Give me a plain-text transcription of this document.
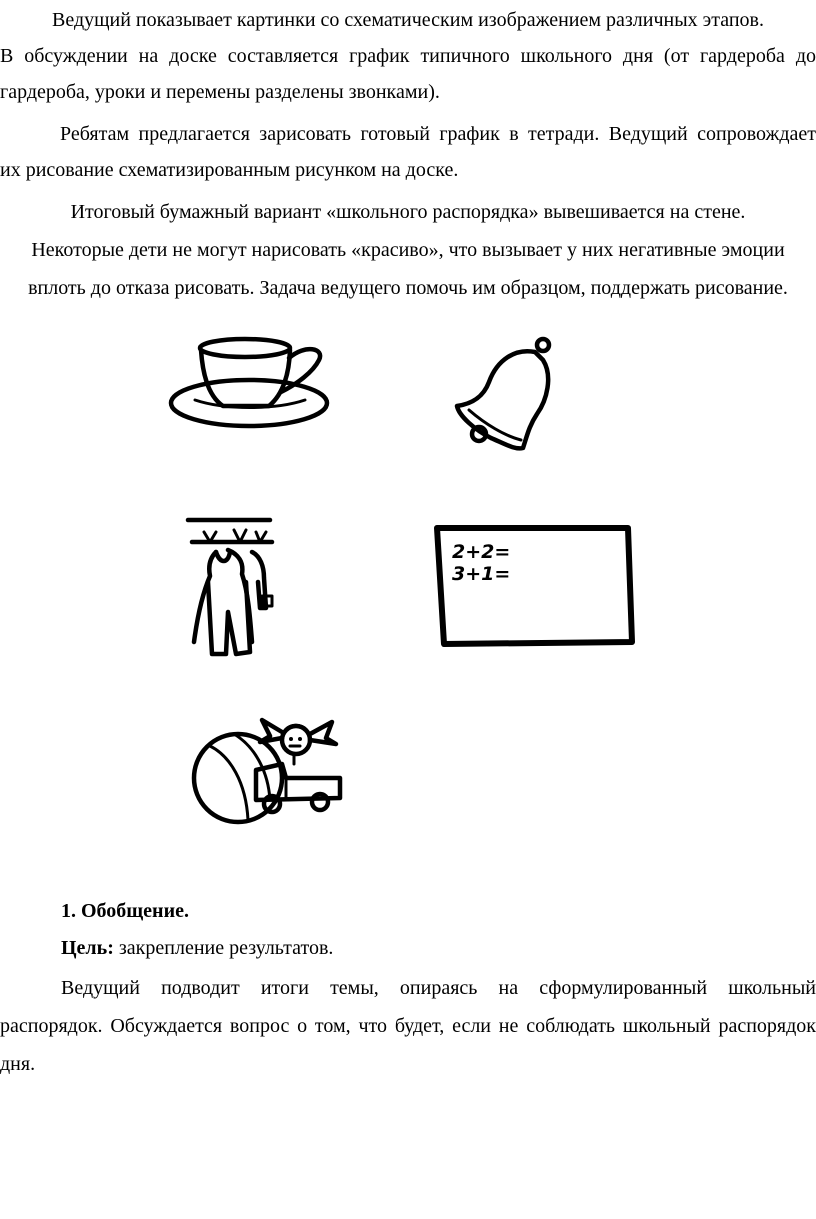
Ведущий показывает картинки со схематическим изображением различных этапов.

В обсуждении на доске составляется график типичного школьного дня (от гардероба до

гардероба, уроки и перемены разделены звонками).

Ребятам предлагается зарисовать готовый график в тетради. Ведущий сопровождает

их рисование схематизированным рисунком на доске.

Итоговый бумажный вариант «школьного распорядка» вывешивается на стене.

Некоторые дети не могут нарисовать «красиво», что вызывает у них негативные эмоции

вплоть до отказа рисовать. Задача ведущего помочь им образцом, поддержать рисование.

2+2=
3+1=

1. Обобщение.

Цель: закрепление результатов.

Ведущий подводит итоги темы, опираясь на сформулированный школьный

распорядок. Обсуждается вопрос о том, что будет, если не соблюдать школьный распорядок

дня.
